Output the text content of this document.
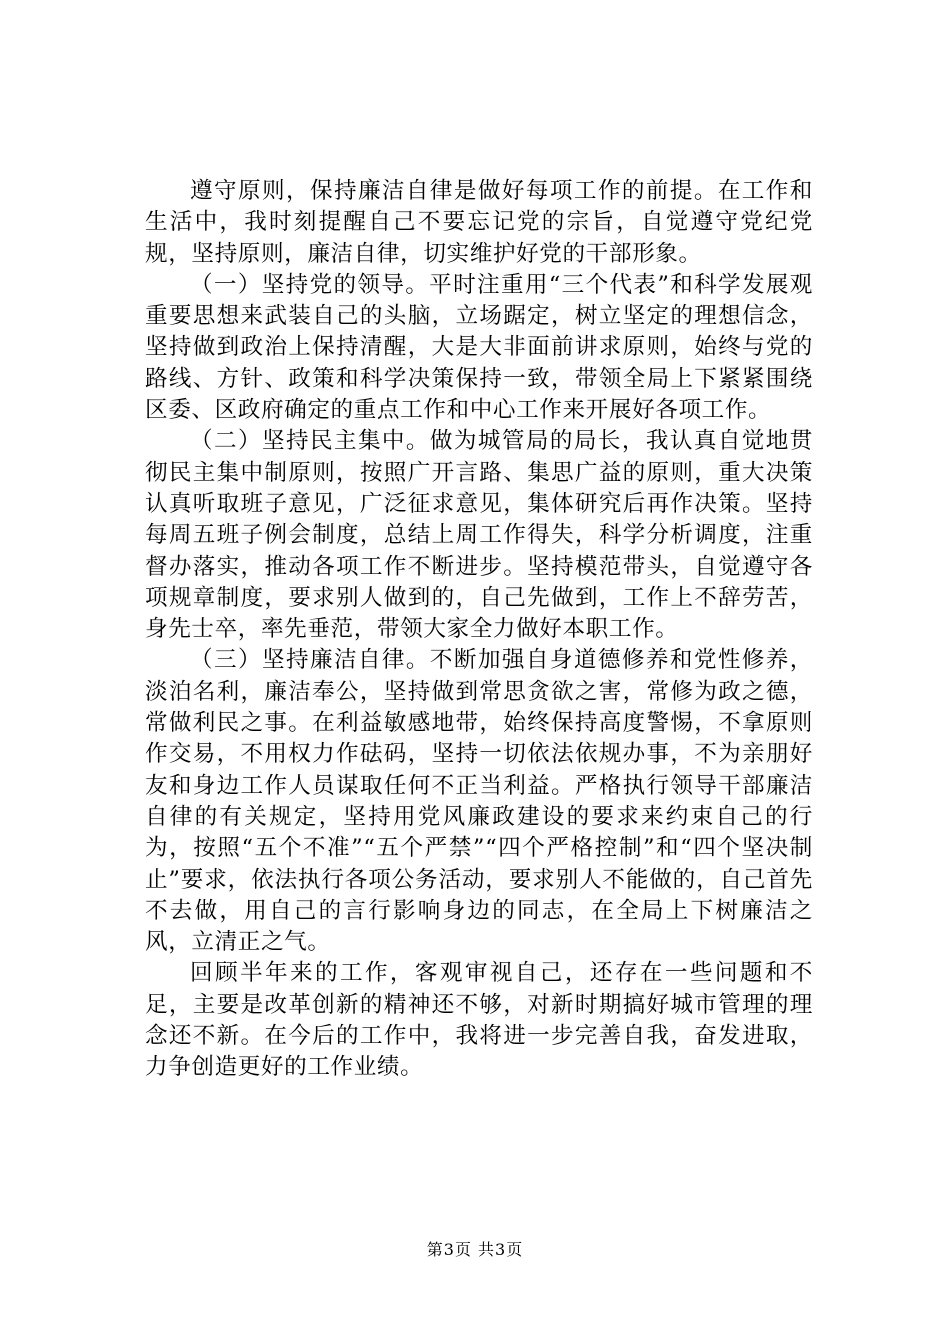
遵守原则，保持廉洁自律是做好每项工作的前提。在工作和生活中，我时刻提醒自己不要忘记党的宗旨，自觉遵守党纪党规，坚持原则，廉洁自律，切实维护好党的干部形象。

（一）坚持党的领导。平时注重用“三个代表”和科学发展观重要思想来武装自己的头脑，立场踞定，树立坚定的理想信念，坚持做到政治上保持清醒，大是大非面前讲求原则，始终与党的路线、方针、政策和科学决策保持一致，带领全局上下紧紧围绕区委、区政府确定的重点工作和中心工作来开展好各项工作。

（二）坚持民主集中。做为城管局的局长，我认真自觉地贯彻民主集中制原则，按照广开言路、集思广益的原则，重大决策认真听取班子意见，广泛征求意见，集体研究后再作决策。坚持每周五班子例会制度，总结上周工作得失，科学分析调度，注重督办落实，推动各项工作不断进步。坚持模范带头，自觉遵守各项规章制度，要求别人做到的，自己先做到，工作上不辞劳苦，身先士卒，率先垂范，带领大家全力做好本职工作。

（三）坚持廉洁自律。不断加强自身道德修养和党性修养，淡泊名利，廉洁奉公，坚持做到常思贪欲之害，常修为政之德，常做利民之事。在利益敏感地带，始终保持高度警惕，不拿原则作交易，不用权力作砝码，坚持一切依法依规办事，不为亲朋好友和身边工作人员谋取任何不正当利益。严格执行领导干部廉洁自律的有关规定，坚持用党风廉政建设的要求来约束自己的行为，按照“五个不准”“五个严禁”“四个严格控制”和“四个坚决制止”要求，依法执行各项公务活动，要求别人不能做的，自己首先不去做，用自己的言行影响身边的同志，在全局上下树廉洁之风，立清正之气。

回顾半年来的工作，客观审视自己，还存在一些问题和不足，主要是改革创新的精神还不够，对新时期搞好城市管理的理念还不新。在今后的工作中，我将进一步完善自我，奋发进取，力争创造更好的工作业绩。

第3页 共3页
